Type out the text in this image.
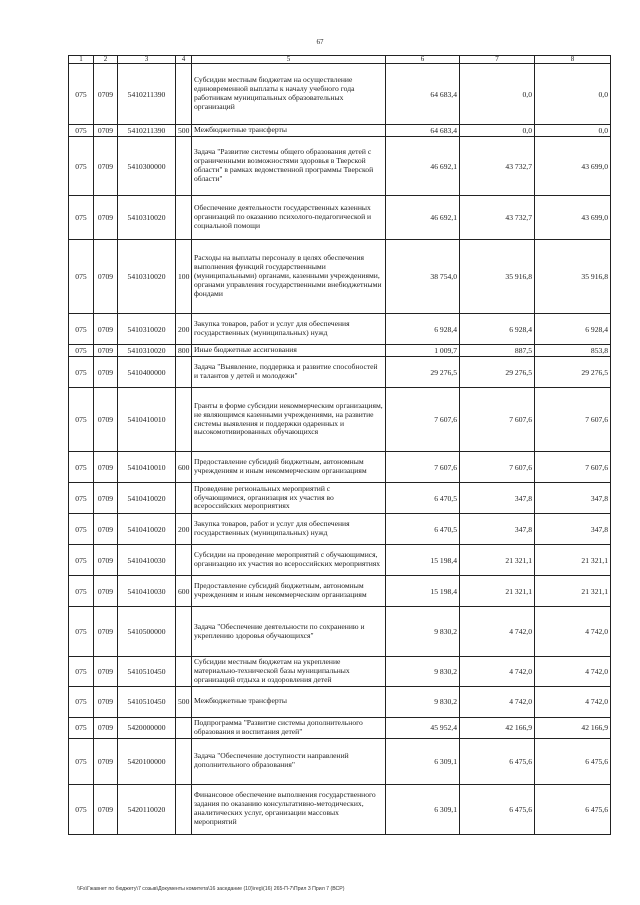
67
1	2	3	4	5	6	7	8
075	0709	5410211390		Субсидии местным бюджетам на осуществление единовременной выплаты к началу учебного года работникам муниципальных образовательных организаций	64 683,4	0,0	0,0
075	0709	5410211390	500	Межбюджетные трансферты	64 683,4	0,0	0,0
075	0709	5410300000		Задача "Развитие системы общего образования детей с ограниченными возможностями здоровья в Тверской области" в рамках ведомственной программы Тверской области"	46 692,1	43 732,7	43 699,0
075	0709	5410310020		Обеспечение деятельности государственных казенных организаций по оказанию психолого-педагогической и социальной помощи	46 692,1	43 732,7	43 699,0
075	0709	5410310020	100	Расходы на выплаты персоналу в целях обеспечения выполнения функций государственными (муниципальными) органами, казенными учреждениями, органами управления государственными внебюджетными фондами	38 754,0	35 916,8	35 916,8
075	0709	5410310020	200	Закупка товаров, работ и услуг для обеспечения государственных (муниципальных) нужд	6 928,4	6 928,4	6 928,4
075	0709	5410310020	800	Иные бюджетные ассигнования	1 009,7	887,5	853,8
075	0709	5410400000		Задача "Выявление, поддержка и развитие способностей и талантов у детей и молодежи"	29 276,5	29 276,5	29 276,5
075	0709	5410410010		Гранты в форме субсидии некоммерческим организациям, не являющимся казенными учреждениями, на развитие системы выявления и поддержки одаренных и высокомотивированных обучающихся	7 607,6	7 607,6	7 607,6
075	0709	5410410010	600	Предоставление субсидий бюджетным, автономным учреждениям и иным некоммерческим организациям	7 607,6	7 607,6	7 607,6
075	0709	5410410020		Проведение региональных мероприятий с обучающимися, организация их участия во всероссийских мероприятиях	6 470,5	347,8	347,8
075	0709	5410410020	200	Закупка товаров, работ и услуг для обеспечения государственных (муниципальных) нужд	6 470,5	347,8	347,8
075	0709	5410410030		Субсидии на проведение мероприятий с обучающимися, организацию их участия во всероссийских мероприятиях	15 198,4	21 321,1	21 321,1
075	0709	5410410030	600	Предоставление субсидий бюджетным, автономным учреждениям и иным некоммерческим организациям	15 198,4	21 321,1	21 321,1
075	0709	5410500000		Задача "Обеспечение деятельности по сохранению и укреплению здоровья обучающихся"	9 830,2	4 742,0	4 742,0
075	0709	5410510450		Субсидии местным бюджетам на укрепление материально-технической базы муниципальных организаций отдыха и оздоровления детей	9 830,2	4 742,0	4 742,0
075	0709	5410510450	500	Межбюджетные трансферты	9 830,2	4 742,0	4 742,0
075	0709	5420000000		Подпрограмма "Развитие системы дополнительного образования и воспитания детей"	45 952,4	42 166,9	42 166,9
075	0709	5420100000		Задача "Обеспечение доступности направлений дополнительного образования"	6 309,1	6 475,6	6 475,6
075	0709	5420110020		Финансовое обеспечение выполнения государственного задания по оказанию консультативно-методических, аналитических услуг, организации массовых мероприятий	6 309,1	6 475,6	6 475,6
\\Fs\Гжавнет по бюджету\7 созыв\Документы комитета\16 заседание (10)\reg\(16) 265-П-7\Прил 3 Прил 7 (ВСР)
